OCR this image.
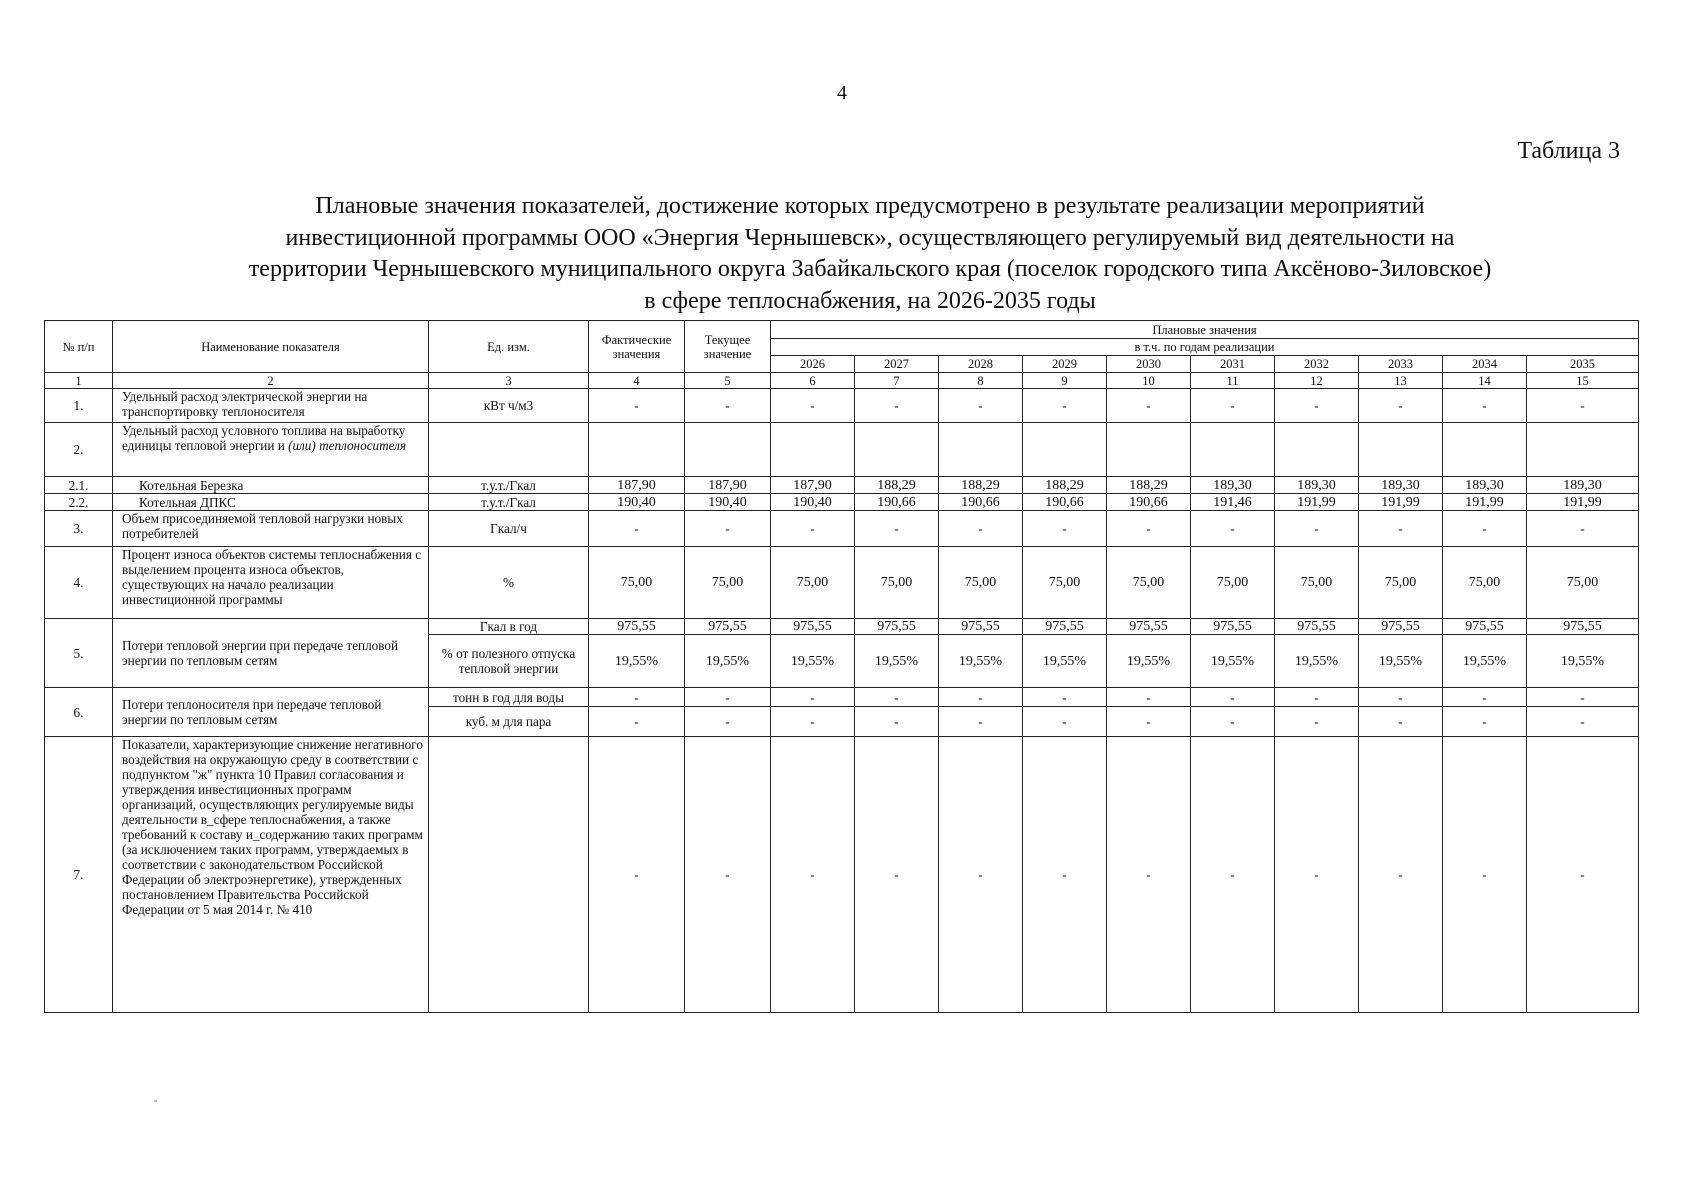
4
Таблица 3
Плановые значения показателей, достижение которых предусмотрено в результате реализации мероприятий
инвестиционной программы ООО «Энергия Чернышевск», осуществляющего регулируемый вид деятельности на
территории Чернышевского муниципального округа Забайкальского края (поселок городского типа Аксёново-Зиловское)
в сфере теплоснабжения, на 2026-2035 годы
№ п/п	Наименование показателя	Ед. изм.	Фактические значения	Текущее значение	Плановые значения									
					в т.ч. по годам реализации									
					2026	2027	2028	2029	2030	2031	2032	2033	2034	2035
1	2	3	4	5	6	7	8	9	10	11	12	13	14	15
1.	Удельный расход электрической энергии на транспортировку теплоносителя	кВт ч/м3	-	-	-	-	-	-	-	-	-	-	-	-
2.	Удельный расход условного топлива на выработку единицы тепловой энергии и (или) теплоносителя													
2.1.	Котельная Березка	т.у.т./Гкал	187,90	187,90	187,90	188,29	188,29	188,29	188,29	189,30	189,30	189,30	189,30	189,30
2.2.	Котельная ДПКС	т.у.т./Гкал	190,40	190,40	190,40	190,66	190,66	190,66	190,66	191,46	191,99	191,99	191,99	191,99
3.	Объем присоединяемой тепловой нагрузки новых потребителей	Гкал/ч	-	-	-	-	-	-	-	-	-	-	-	-
4.	Процент износа объектов системы теплоснабжения с выделением процента износа объектов, существующих на начало реализации инвестиционной программы	%	75,00	75,00	75,00	75,00	75,00	75,00	75,00	75,00	75,00	75,00	75,00	75,00
5.	Потери тепловой энергии при передаче тепловой энергии по тепловым сетям	Гкал в год	975,55	975,55	975,55	975,55	975,55	975,55	975,55	975,55	975,55	975,55	975,55	975,55
		% от полезного отпуска тепловой энергии	19,55%	19,55%	19,55%	19,55%	19,55%	19,55%	19,55%	19,55%	19,55%	19,55%	19,55%	19,55%
6.	Потери теплоносителя при передаче тепловой энергии по тепловым сетям	тонн в год для воды	-	-	-	-	-	-	-	-	-	-	-	-
		куб. м для пара	-	-	-	-	-	-	-	-	-	-	-	-
7.	Показатели, характеризующие снижение негативного воздействия на окружающую среду в соответствии с подпунктом "ж" пункта 10 Правил согласования и утверждения инвестиционных программ организаций, осуществляющих регулируемые виды деятельности в_сфере теплоснабжения, а также требований к составу и_содержанию таких программ (за исключением таких программ, утверждаемых в соответствии с законодательством Российской Федерации об электроэнергетике), утвержденных постановлением Правительства Российской Федерации от 5 мая 2014 г. № 410		-	-	-	-	-	-	-	-	-	-	-	-
